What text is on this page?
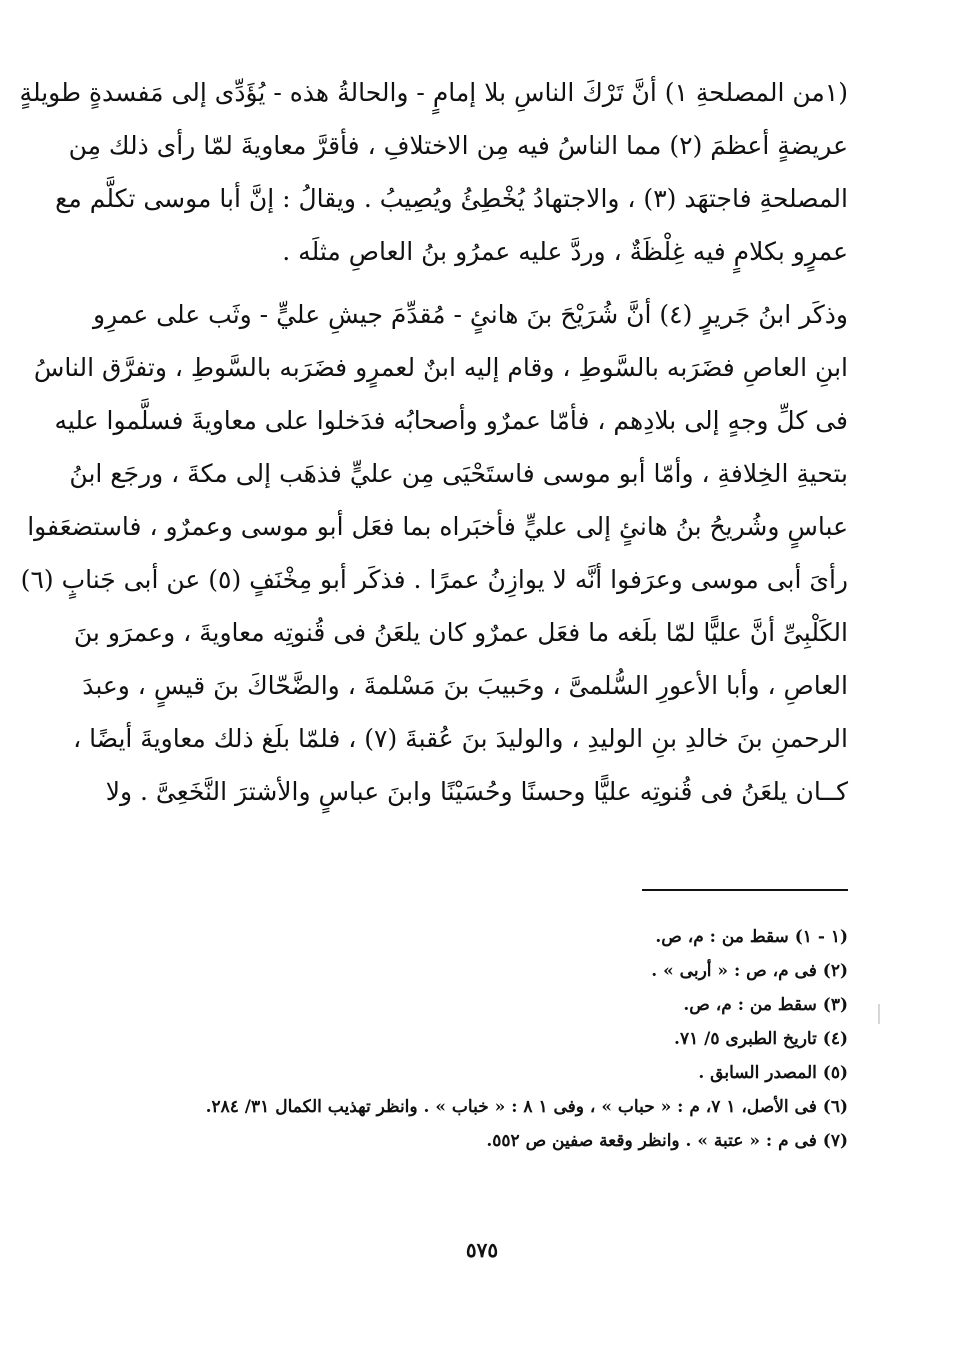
(١من المصلحةِ ١) أنَّ تَرْكَ الناسِ بلا إمامٍ - والحالةُ هذه - يُؤَدِّى إلى مَفسدةٍ طويلةٍ
عريضةٍ أعظمَ (٢) مما الناسُ فيه مِن الاختلافِ ، فأقرَّ معاويةَ لمّا رأى ذلك مِن
المصلحةِ فاجتهَد (٣) ، والاجتهادُ يُخْطِئُ ويُصِيبُ . ويقالُ : إنَّ أبا موسى تكلَّم مع
عمرٍو بكلامٍ فيه غِلْظَةٌ ، وردَّ عليه عمرُو بنُ العاصِ مثلَه .
وذكَر ابنُ جَريرٍ (٤) أنَّ شُرَيْحَ بنَ هانئٍ - مُقدِّمَ جيشِ عليٍّ - وثَب على عمرِو
ابنِ العاصِ فضَرَبه بالسَّوطِ ، وقام إليه ابنٌ لعمرٍو فضَرَبه بالسَّوطِ ، وتفرَّق الناسُ
فى كلِّ وجهٍ إلى بلادِهم ، فأمّا عمرٌو وأصحابُه فدَخلوا على معاويةَ فسلَّموا عليه
بتحيةِ الخِلافةِ ، وأمّا أبو موسى فاستَحْيَى مِن عليٍّ فذهَب إلى مكةَ ، ورجَع ابنُ
عباسٍ وشُريحُ بنُ هانئٍ إلى عليٍّ فأخبَراه بما فعَل أبو موسى وعمرٌو ، فاستضعَفوا
رأىَ أبى موسى وعرَفوا أنَّه لا يوازِنُ عمرًا . فذكَر أبو مِخْنَفٍ (٥) عن أبى جَنابٍ (٦)
الكَلْبِىِّ أنَّ عليًّا لمّا بلَغه ما فعَل عمرٌو كان يلعَنُ فى قُنوتِه معاويةَ ، وعمرَو بنَ
العاصِ ، وأبا الأعورِ السُّلمىَّ ، وحَبيبَ بنَ مَسْلمةَ ، والضَّحّاكَ بنَ قيسٍ ، وعبدَ
الرحمنِ بنَ خالدِ بنِ الوليدِ ، والوليدَ بنَ عُقبةَ (٧) ، فلمّا بلَغ ذلك معاويةَ أيضًا ،
كــان يلعَنُ فى قُنوتِه عليًّا وحسنًا وحُسَيْنًا وابنَ عباسٍ والأشترَ النَّخَعِىَّ . ولا
(١ - ١) سقط من : م، ص.
(٢) فى م، ص : « أربى » .
(٣) سقط من : م، ص.
(٤) تاريخ الطبرى ٥/ ٧١.
(٥) المصدر السابق .
(٦) فى الأصل، ١ ٧، م : « حباب » ، وفى ١ ٨ : « خباب » . وانظر تهذيب الكمال ٣١/ ٢٨٤.
(٧) فى م : « عتبة » . وانظر وقعة صفين ص ٥٥٢.
٥٧٥
